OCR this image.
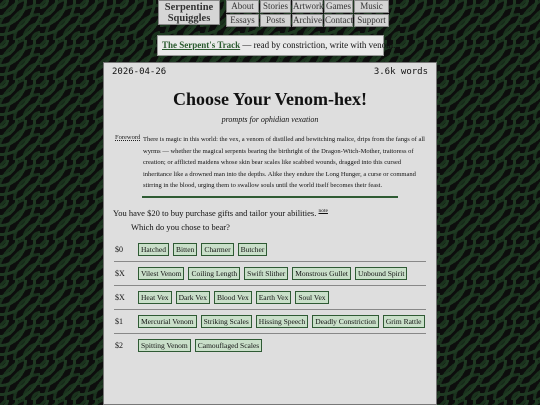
Serpentine
Squiggles
About	Stories Artwork Games	Music
Essays	Posts Archive Contact Support
The Serpent's Track — read by constriction, write with venom.
2026-04-26	3.6k words
Choose Your Venom-hex!
prompts for ophidian vexation
Foreword There is magic in this world: the vex, a venom of distilled and bewitching malice, drips from the fangs of all wyrms — whether the magical serpents bearing the birthright of the Dragon-Witch-Mother, traitoress of creation; or afflicted maidens whose skin bear scales like scabbed wounds, dragged into this cursed inheritance like a drowned man into the depths. Alike they endure the Long Hunger, a curse or command stirring in the blood, urging them to swallow souls until the world itself becomes their feast.
You have $20 to buy purchase gifts and tailor your abilities. $^{note}$
Which do you chose to bear?
$0	Hatched	Bitten	Charmer	Butcher
$X	Vilest Venom	Coiling Length	Swift Slither	Monstrous Gullet	Unbound Spirit
$X	Heat Vex	Dark Vex	Blood Vex	Earth Vex	Soul Vex
$1	Mercurial Venom	Striking Scales	Hissing Speech	Deadly Constriction	Grim Rattle
$2	Spitting Venom	Camouflaged Scales
